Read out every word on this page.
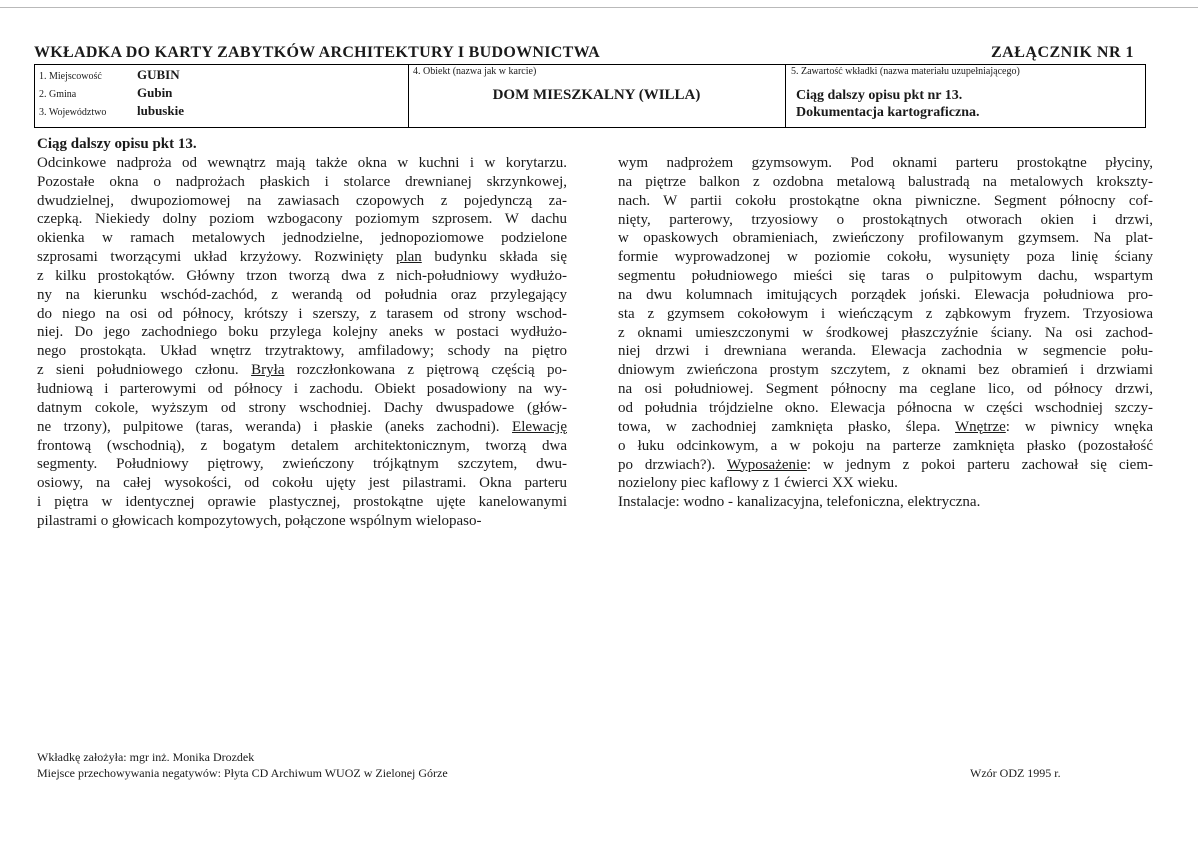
WKŁADKA DO KARTY ZABYTKÓW ARCHITEKTURY I BUDOWNICTWA	ZAŁĄCZNIK NR 1
1. Miejscowość	GUBIN
2. Gmina	Gubin
3. Województwo lubuskie
4. Obiekt (nazwa jak w karcie)
DOM MIESZKALNY (WILLA)
5. Zawartość wkładki (nazwa materiału uzupełniającego)
Ciąg dalszy opisu pkt nr 13.
Dokumentacja kartograficzna.
Ciąg dalszy opisu pkt 13.

Odcinkowe nadproża od wewnątrz mają także okna w kuchni i w korytarzu.

Pozostałe okna o nadprożach płaskich i stolarce drewnianej skrzynkowej,

dwudzielnej, dwupoziomowej na zawiasach czopowych z pojedynczą za-

czepką. Niekiedy dolny poziom wzbogacony poziomym szprosem. W dachu

okienka w ramach metalowych jednodzielne, jednopoziomowe podzielone

szprosami tworzącymi układ krzyżowy. Rozwinięty plan budynku składa się

z kilku prostokątów. Główny trzon tworzą dwa z nich-południowy wydłużo-

ny na kierunku wschód-zachód, z werandą od południa oraz przylegający

do niego na osi od północy, krótszy i szerszy, z tarasem od strony wschod-

niej. Do jego zachodniego boku przylega kolejny aneks w postaci wydłużo-

nego prostokąta. Układ wnętrz trzytraktowy, amfiladowy; schody na piętro

z sieni południowego członu. Bryła rozczłonkowana z piętrową częścią po-

łudniową i parterowymi od północy i zachodu. Obiekt posadowiony na wy-

datnym cokole, wyższym od strony wschodniej. Dachy dwuspadowe (głów-

ne trzony), pulpitowe (taras, weranda) i płaskie (aneks zachodni). Elewację

frontową (wschodnią), z bogatym detalem architektonicznym, tworzą dwa

segmenty. Południowy piętrowy, zwieńczony trójkątnym szczytem, dwu-

osiowy, na całej wysokości, od cokołu ujęty jest pilastrami. Okna parteru

i piętra w identycznej oprawie plastycznej, prostokątne ujęte kanelowanymi

pilastrami o głowicach kompozytowych, połączone wspólnym wielopaso-

wym nadprożem gzymsowym. Pod oknami parteru prostokątne płyciny,

na piętrze balkon z ozdobna metalową balustradą na metalowych krokszty-

nach. W partii cokołu prostokątne okna piwniczne. Segment północny cof-

nięty, parterowy, trzyosiowy o prostokątnych otworach okien i drzwi,

w opaskowych obramieniach, zwieńczony profilowanym gzymsem. Na plat-

formie wyprowadzonej w poziomie cokołu, wysunięty poza linię ściany

segmentu południowego mieści się taras o pulpitowym dachu, wspartym

na dwu kolumnach imitujących porządek joński. Elewacja południowa pro-

sta z gzymsem cokołowym i wieńczącym z ząbkowym fryzem. Trzyosiowa

z oknami umieszczonymi w środkowej płaszczyźnie ściany. Na osi zachod-

niej drzwi i drewniana weranda. Elewacja zachodnia w segmencie połu-

dniowym zwieńczona prostym szczytem, z oknami bez obramień i drzwiami

na osi południowej. Segment północny ma ceglane lico, od północy drzwi,

od południa trójdzielne okno. Elewacja północna w części wschodniej szczy-

towa, w zachodniej zamknięta płasko, ślepa. Wnętrze: w piwnicy wnęka

o łuku odcinkowym, a w pokoju na parterze zamknięta płasko (pozostałość

po drzwiach?). Wyposażenie: w jednym z pokoi parteru zachował się ciem-

nozielony piec kaflowy z 1 ćwierci XX wieku.

Instalacje: wodno - kanalizacyjna, telefoniczna, elektryczna.

Wkładkę założyła: mgr inż. Monika Drozdek
Miejsce przechowywania negatywów: Płyta CD Archiwum WUOZ w Zielonej Górze	Wzór ODZ 1995 r.
